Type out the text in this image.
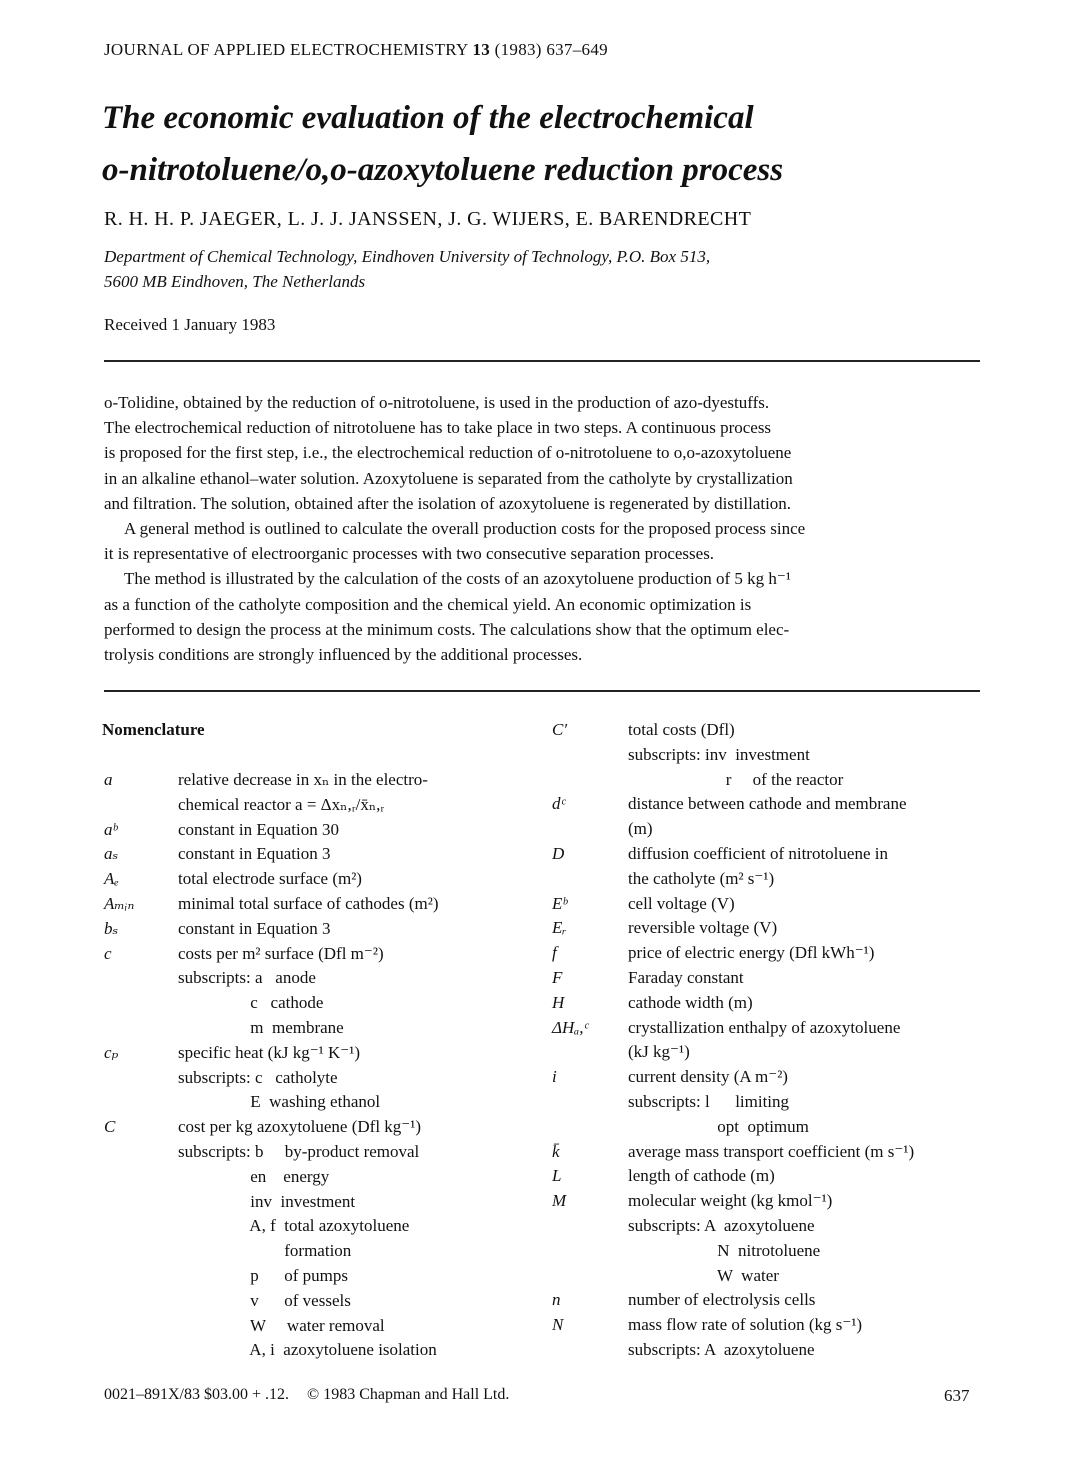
JOURNAL OF APPLIED ELECTROCHEMISTRY 13 (1983) 637–649
The economic evaluation of the electrochemical
o-nitrotoluene/o,o-azoxytoluene reduction process
R. H. H. P. JAEGER, L. J. J. JANSSEN, J. G. WIJERS, E. BARENDRECHT
Department of Chemical Technology, Eindhoven University of Technology, P.O. Box 513,
5600 MB Eindhoven, The Netherlands
Received 1 January 1983
o-Tolidine, obtained by the reduction of o-nitrotoluene, is used in the production of azo-dyestuffs.
The electrochemical reduction of nitrotoluene has to take place in two steps. A continuous process
is proposed for the first step, i.e., the electrochemical reduction of o-nitrotoluene to o,o-azoxytoluene
in an alkaline ethanol–water solution. Azoxytoluene is separated from the catholyte by crystallization
and filtration. The solution, obtained after the isolation of azoxytoluene is regenerated by distillation.
A general method is outlined to calculate the overall production costs for the proposed process since
it is representative of electroorganic processes with two consecutive separation processes.
The method is illustrated by the calculation of the costs of an azoxytoluene production of 5 kg h⁻¹
as a function of the catholyte composition and the chemical yield. An economic optimization is
performed to design the process at the minimum costs. The calculations show that the optimum elec-
trolysis conditions are strongly influenced by the additional processes.
Nomenclature
a	relative decrease in xₙ in the electro-
chemical reactor a = Δxₙ,ᵣ/x̄ₙ,ᵣ
aᵇ	constant in Equation 30
aₛ	constant in Equation 3
Aₑ	total electrode surface (m²)
Aₘᵢₙ	minimal total surface of cathodes (m²)
bₛ	constant in Equation 3
c	costs per m² surface (Dfl m⁻²)
subscripts: a   anode
c   cathode
m  membrane
cₚ	specific heat (kJ kg⁻¹ K⁻¹)
subscripts: c   catholyte
E  washing ethanol
C	cost per kg azoxytoluene (Dfl kg⁻¹)
subscripts: b     by-product removal
en    energy
inv  investment
A, f  total azoxytoluene
formation
p      of pumps
v      of vessels
W     water removal
A, i  azoxytoluene isolation
C′	total costs (Dfl)
subscripts: inv  investment
r     of the reactor
dᶜ	distance between cathode and membrane
(m)
D	diffusion coefficient of nitrotoluene in
the catholyte (m² s⁻¹)
Eᵇ	cell voltage (V)
Eᵣ	reversible voltage (V)
f	price of electric energy (Dfl kWh⁻¹)
F	Faraday constant
H	cathode width (m)
ΔHₐ,ᶜ crystallization enthalpy of azoxytoluene
(kJ kg⁻¹)
i	current density (A m⁻²)
subscripts: l      limiting
opt  optimum
k̄	average mass transport coefficient (m s⁻¹)
L	length of cathode (m)
M	molecular weight (kg kmol⁻¹)
subscripts: A  azoxytoluene
N  nitrotoluene
W  water
n	number of electrolysis cells
N	mass flow rate of solution (kg s⁻¹)
subscripts: A  azoxytoluene
0021–891X/83 $03.00 + .12. © 1983 Chapman and Hall Ltd.	637
